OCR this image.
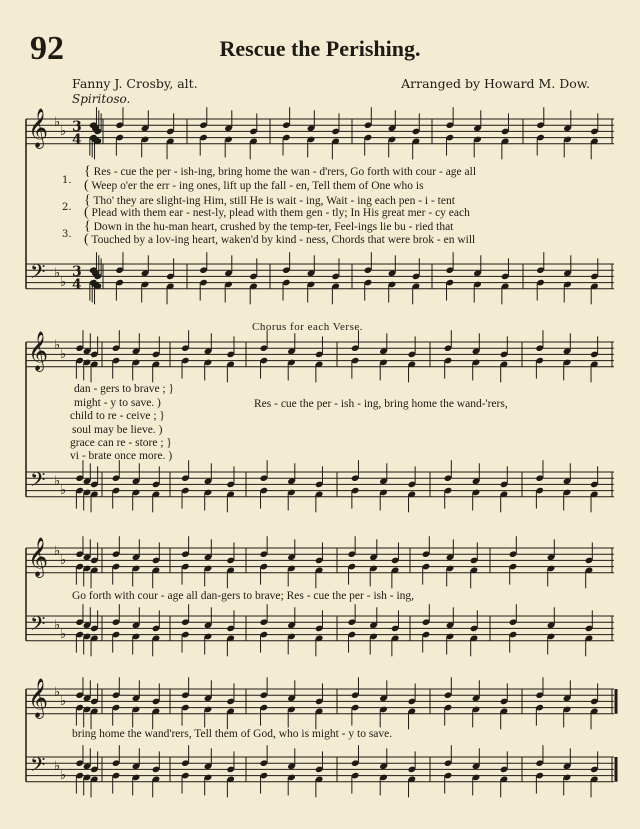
92	Rescue the Perishing.
Fanny J. Crosby, alt.	Arranged by Howard M. Dow.
Spiritoso.
𝄞
𝄢
♭
♭
♭
♭
3
4
3
4
𝄞
𝄢
♭
♭
♭
♭
𝄞
𝄢
♭
♭
♭
♭
𝄞
𝄢
♭
♭
♭
♭
1.
2.
3.
{ Res - cue the per - ish-ing, bring home the wan - d'rers, Go forth with cour - age all
( Weep o'er the err - ing ones, lift up the fall - en, Tell them of One who is
{ Tho' they are slight-ing Him, still He is wait - ing, Wait - ing each pen - i - tent
( Plead with them ear - nest-ly, plead with them gen - tly; In His great mer - cy each
{ Down in the hu-man heart, crushed by the temp-ter, Feel-ings lie bu - ried that
( Touched by a lov-ing heart, waken'd by kind - ness, Chords that were brok - en will
Chorus for each Verse.
dan - gers to brave ; }
might - y to save. )
child to re - ceive ; }
soul may be lieve. )
grace can re - store ; }
vi - brate once more. )
Res - cue the per - ish - ing, bring home the wand-'rers,
Go forth with cour - age all dan-gers to brave; Res - cue the per - ish - ing,
bring home the wand'rers, Tell them of God, who is might - y to save.
